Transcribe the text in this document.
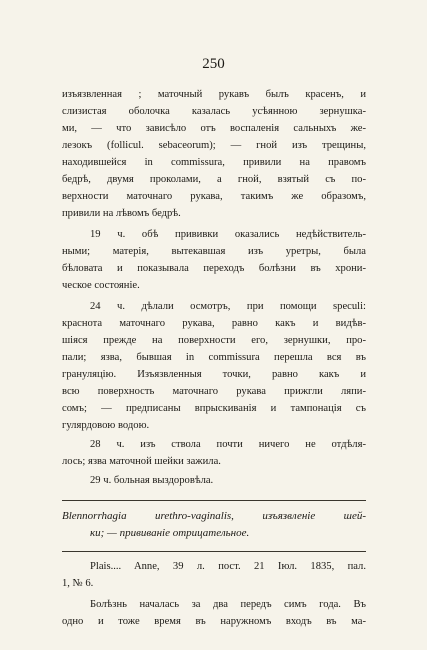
250
изъязвленная ; маточный рукавъ былъ красенъ, и
слизистая оболочка казалась усѣянною зернушка-
ми, — что зависѣло отъ воспаленія сальныхъ же-
лезокъ (follicul. sebaceorum); — гной изъ трещины,
находившейся in commissura, привили на правомъ
бедрѣ, двумя проколами, а гной, взятый съ по-
верхности маточнаго рукава, такимъ же образомъ,
привили на лѣвомъ бедрѣ.
19 ч. обѣ прививки оказались недѣйствитель-
ными; матерія, вытекавшая изъ урeтры, была
бѣловата и показывала переходъ болѣзни въ хрони-
ческое состояніе.
24 ч. дѣлали осмотръ, при помощи speculi:
краснота маточнаго рукава, равно какъ и видѣв-
шіяся прежде на поверхности его, зернушки, про-
пали; язва, бывшая in commissura перешла вся въ
грануляцію. Изъязвленныя точки, равно какъ и
всю поверхность маточнаго рукава прижгли ляпи-
сомъ; — предписаны впрыскиванія и тампонація съ
гулярдовою водою.
28 ч. изъ ствола почти ничего не отдѣля-
лось; язва маточной шейки зажила.
29 ч. больная выздоровѣла.
Blennorrhagia urethro-vaginalis, изъязвленіе шей-
ки; — прививаніе отрицательное.
Plais.... Anne, 39 л. пост. 21 Іюл. 1835, пал.
1, № 6.
Болѣзнь началась за два передъ симъ года. Въ
одно и тоже время въ наружномъ входъ въ ма-
